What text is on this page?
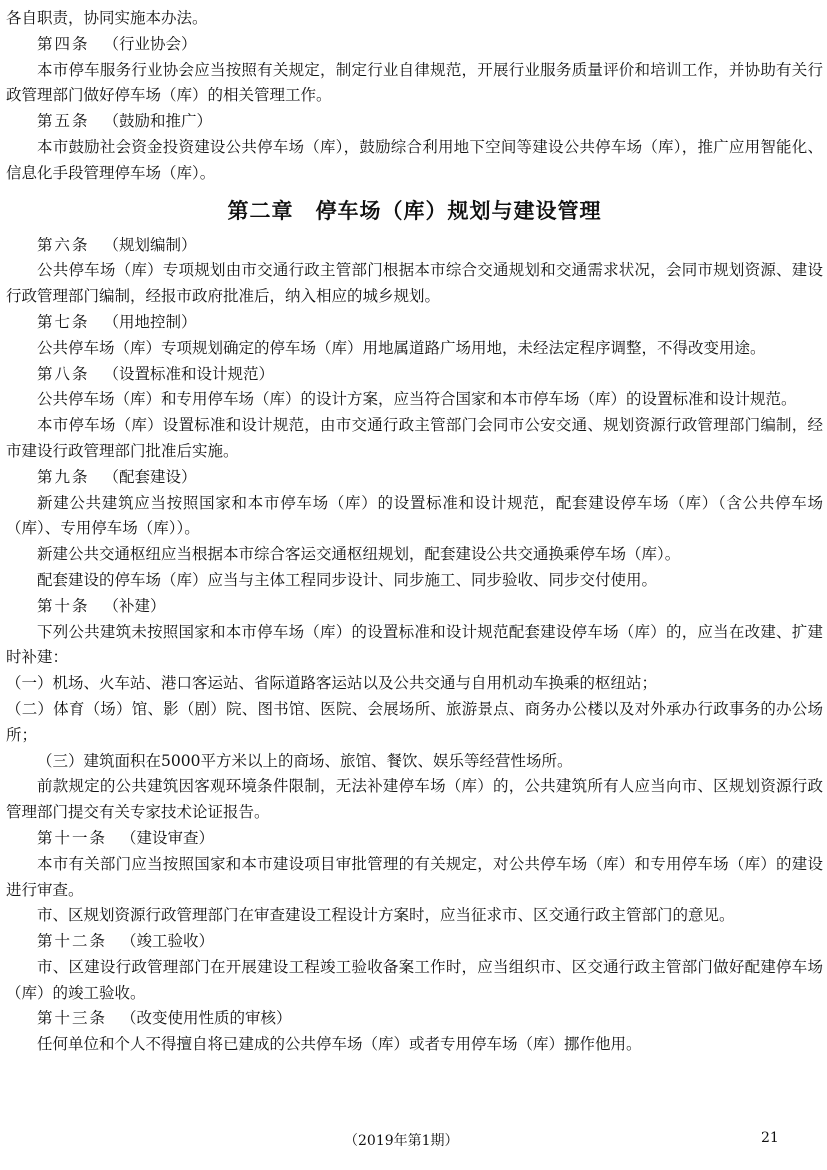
各自职责，协同实施本办法。

第四条 （行业协会）

本市停车服务行业协会应当按照有关规定，制定行业自律规范，开展行业服务质量评价和培训工作，并协助有关行政管理部门做好停车场（库）的相关管理工作。

第五条 （鼓励和推广）

本市鼓励社会资金投资建设公共停车场（库），鼓励综合利用地下空间等建设公共停车场（库），推广应用智能化、信息化手段管理停车场（库）。

第二章 停车场（库）规划与建设管理

第六条 （规划编制）

公共停车场（库）专项规划由市交通行政主管部门根据本市综合交通规划和交通需求状况，会同市规划资源、建设行政管理部门编制，经报市政府批准后，纳入相应的城乡规划。

第七条 （用地控制）

公共停车场（库）专项规划确定的停车场（库）用地属道路广场用地，未经法定程序调整，不得改变用途。

第八条 （设置标准和设计规范）

公共停车场（库）和专用停车场（库）的设计方案，应当符合国家和本市停车场（库）的设置标准和设计规范。

本市停车场（库）设置标准和设计规范，由市交通行政主管部门会同市公安交通、规划资源行政管理部门编制，经市建设行政管理部门批准后实施。

第九条 （配套建设）

新建公共建筑应当按照国家和本市停车场（库）的设置标准和设计规范，配套建设停车场（库）（含公共停车场（库）、专用停车场（库））。

新建公共交通枢纽应当根据本市综合客运交通枢纽规划，配套建设公共交通换乘停车场（库）。

配套建设的停车场（库）应当与主体工程同步设计、同步施工、同步验收、同步交付使用。

第十条 （补建）

下列公共建筑未按照国家和本市停车场（库）的设置标准和设计规范配套建设停车场（库）的，应当在改建、扩建时补建：

（一）机场、火车站、港口客运站、省际道路客运站以及公共交通与自用机动车换乘的枢纽站；

（二）体育（场）馆、影（剧）院、图书馆、医院、会展场所、旅游景点、商务办公楼以及对外承办行政事务的办公场所；

（三）建筑面积在5000平方米以上的商场、旅馆、餐饮、娱乐等经营性场所。

前款规定的公共建筑因客观环境条件限制，无法补建停车场（库）的，公共建筑所有人应当向市、区规划资源行政管理部门提交有关专家技术论证报告。

第十一条 （建设审查）

本市有关部门应当按照国家和本市建设项目审批管理的有关规定，对公共停车场（库）和专用停车场（库）的建设进行审查。

市、区规划资源行政管理部门在审查建设工程设计方案时，应当征求市、区交通行政主管部门的意见。

第十二条 （竣工验收）

市、区建设行政管理部门在开展建设工程竣工验收备案工作时，应当组织市、区交通行政主管部门做好配建停车场（库）的竣工验收。

第十三条 （改变使用性质的审核）

任何单位和个人不得擅自将已建成的公共停车场（库）或者专用停车场（库）挪作他用。

（2019年第1期）	21
